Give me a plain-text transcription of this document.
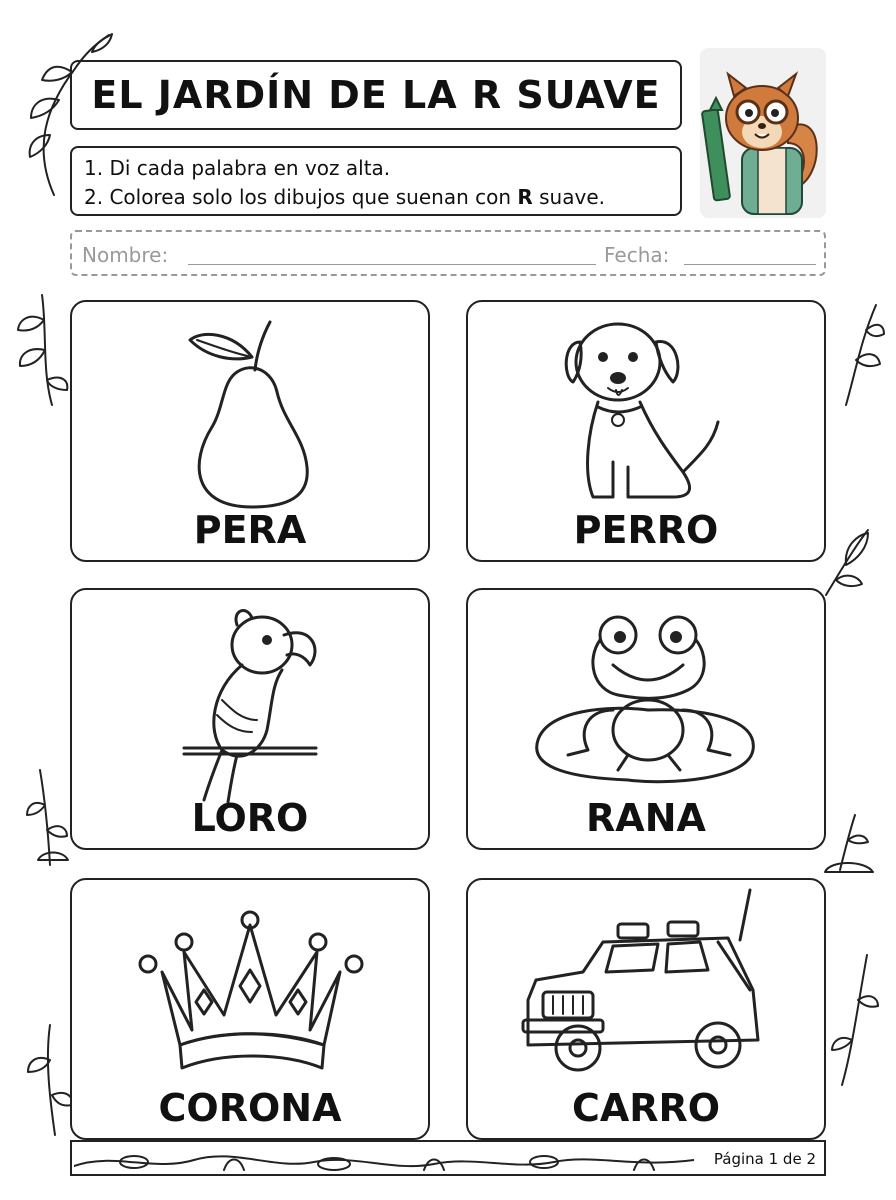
EL JARDÍN DE LA R SUAVE
1. Di cada palabra en voz alta.
2. Colorea solo los dibujos que suenan con R suave.
Nombre:	Fecha:
PERA	PERRO
LORO	RANA
CORONA	CARRO
Página 1 de 2
